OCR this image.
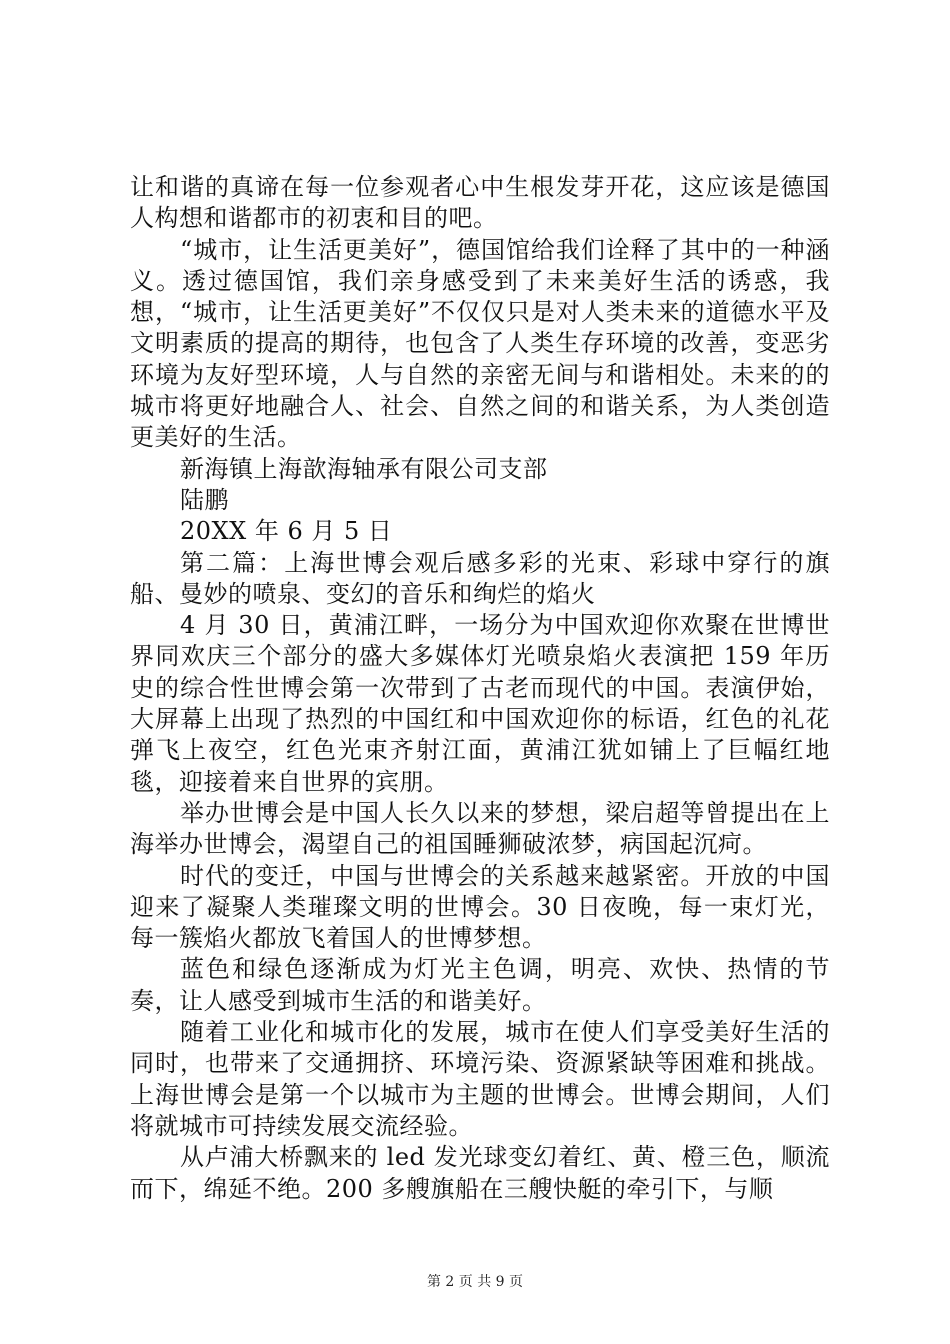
让和谐的真谛在每一位参观者心中生根发芽开花，这应该是德国人构想和谐都市的初衷和目的吧。

“城市，让生活更美好”，德国馆给我们诠释了其中的一种涵义。透过德国馆，我们亲身感受到了未来美好生活的诱惑，我想，“城市，让生活更美好”不仅仅只是对人类未来的道德水平及文明素质的提高的期待，也包含了人类生存环境的改善，变恶劣环境为友好型环境，人与自然的亲密无间与和谐相处。未来的的城市将更好地融合人、社会、自然之间的和谐关系，为人类创造更美好的生活。

新海镇上海歆海轴承有限公司支部

陆鹏

20XX 年 6 月 5 日

第二篇：上海世博会观后感多彩的光束、彩球中穿行的旗船、曼妙的喷泉、变幻的音乐和绚烂的焰火

4 月 30 日，黄浦江畔，一场分为中国欢迎你欢聚在世博世界同欢庆三个部分的盛大多媒体灯光喷泉焰火表演把 159 年历史的综合性世博会第一次带到了古老而现代的中国。表演伊始，大屏幕上出现了热烈的中国红和中国欢迎你的标语，红色的礼花弹飞上夜空，红色光束齐射江面，黄浦江犹如铺上了巨幅红地毯，迎接着来自世界的宾朋。

举办世博会是中国人长久以来的梦想，梁启超等曾提出在上海举办世博会，渴望自己的祖国睡狮破浓梦，病国起沉疴。

时代的变迁，中国与世博会的关系越来越紧密。开放的中国迎来了凝聚人类璀璨文明的世博会。30 日夜晚，每一束灯光，每一簇焰火都放飞着国人的世博梦想。

蓝色和绿色逐渐成为灯光主色调，明亮、欢快、热情的节奏，让人感受到城市生活的和谐美好。

随着工业化和城市化的发展，城市在使人们享受美好生活的同时，也带来了交通拥挤、环境污染、资源紧缺等困难和挑战。上海世博会是第一个以城市为主题的世博会。世博会期间，人们将就城市可持续发展交流经验。

从卢浦大桥飘来的 led 发光球变幻着红、黄、橙三色，顺流而下，绵延不绝。200 多艘旗船在三艘快艇的牵引下，与顺

第 2 页 共 9 页
